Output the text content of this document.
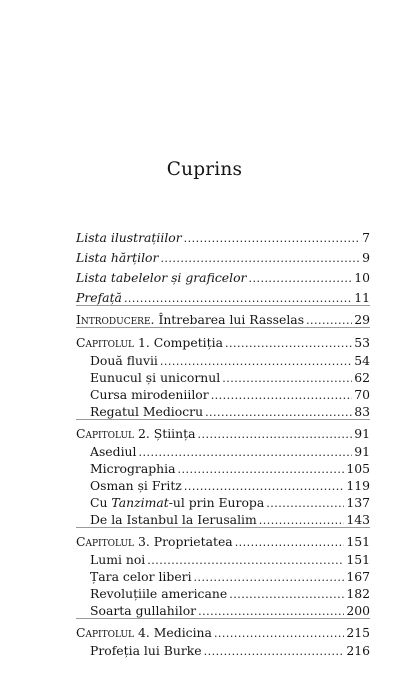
Cuprins
Lista ilustrațiilor .....	7
Lista hărților .....	9
Lista tabelelor și graficelor .....	10
Prefață .....	11
Introducere. Întrebarea lui Rasselas .....	29
Capitolul 1. Competiția .....	53
Două fluvii .....	54
Eunucul și unicornul .....	62
Cursa mirodeniilor .....	70
Regatul Mediocru .....	83
Capitolul 2. Știința .....	91
Asediul .....	91
Micrographia .....	105
Osman și Fritz .....	119
Cu Tanzimat-ul prin Europa .....	137
De la Istanbul la Ierusalim .....	143
Capitolul 3. Proprietatea .....	151
Lumi noi .....	151
Țara celor liberi .....	167
Revoluțiile americane .....	182
Soarta gullahilor .....	200
Capitolul 4. Medicina .....	215
Profeția lui Burke .....	216
